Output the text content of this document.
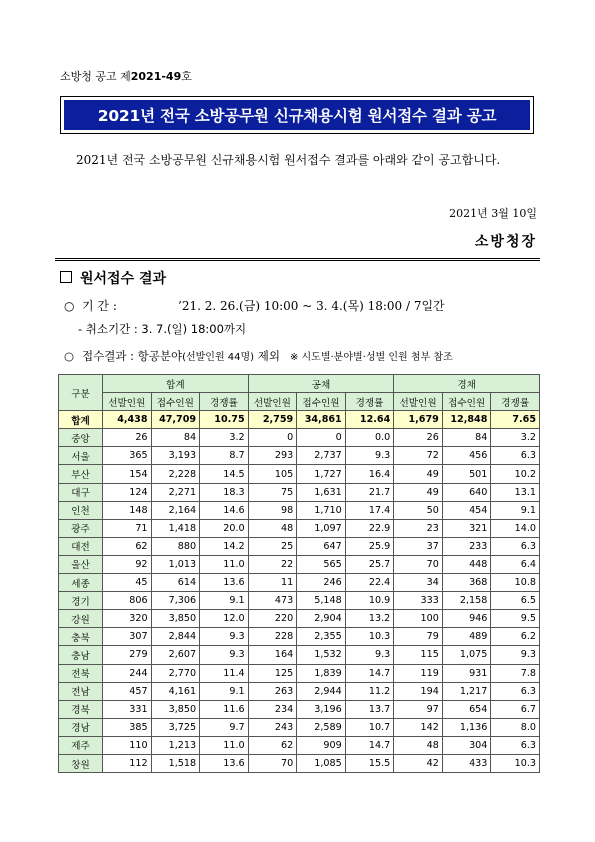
소방청 공고 제2021-49호
2021년 전국 소방공무원 신규채용시험 원서접수 결과 공고
2021년 전국 소방공무원 신규채용시험 원서접수 결과를 아래와 같이 공고합니다.
2021년 3월 10일
소방청장
원서접수 결과
○ 기 간 :	’21. 2. 26.(금) 10:00 ~ 3. 4.(목) 18:00 / 7일간
- 취소기간 : 3. 7.(일) 18:00까지
○ 접수결과 : 항공분야(선발인원 44명) 제외 ※ 시도별·분야별·성별 인원 첨부 참조
구분	합계			공채			경채		
	선발인원	접수인원	경쟁률	선발인원	접수인원	경쟁률	선발인원	접수인원	경쟁률
합계	4,438	47,709	10.75	2,759	34,861	12.64	1,679	12,848	7.65
중앙	26	84	3.2	0	0	0.0	26	84	3.2
서울	365	3,193	8.7	293	2,737	9.3	72	456	6.3
부산	154	2,228	14.5	105	1,727	16.4	49	501	10.2
대구	124	2,271	18.3	75	1,631	21.7	49	640	13.1
인천	148	2,164	14.6	98	1,710	17.4	50	454	9.1
광주	71	1,418	20.0	48	1,097	22.9	23	321	14.0
대전	62	880	14.2	25	647	25.9	37	233	6.3
울산	92	1,013	11.0	22	565	25.7	70	448	6.4
세종	45	614	13.6	11	246	22.4	34	368	10.8
경기	806	7,306	9.1	473	5,148	10.9	333	2,158	6.5
강원	320	3,850	12.0	220	2,904	13.2	100	946	9.5
충북	307	2,844	9.3	228	2,355	10.3	79	489	6.2
충남	279	2,607	9.3	164	1,532	9.3	115	1,075	9.3
전북	244	2,770	11.4	125	1,839	14.7	119	931	7.8
전남	457	4,161	9.1	263	2,944	11.2	194	1,217	6.3
경북	331	3,850	11.6	234	3,196	13.7	97	654	6.7
경남	385	3,725	9.7	243	2,589	10.7	142	1,136	8.0
제주	110	1,213	11.0	62	909	14.7	48	304	6.3
창원	112	1,518	13.6	70	1,085	15.5	42	433	10.3
